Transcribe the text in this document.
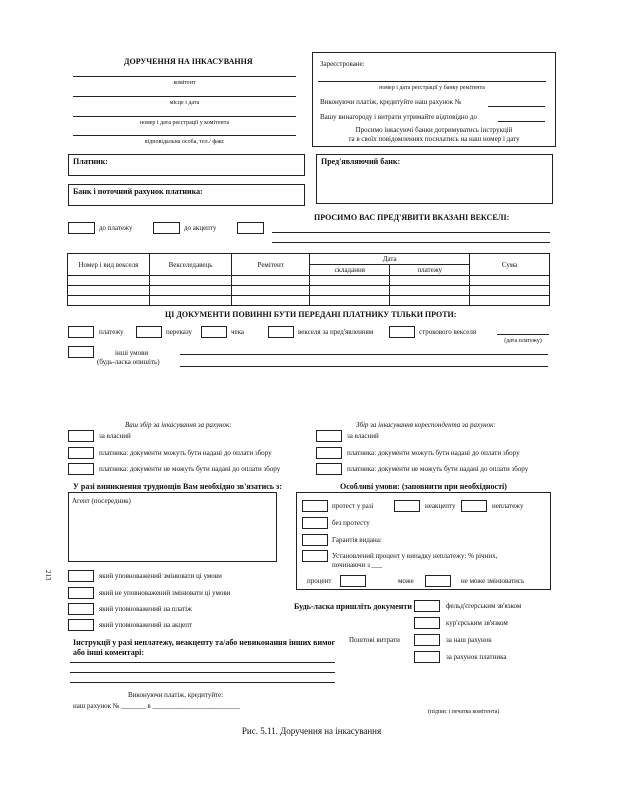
ДОРУЧЕННЯ НА ІНКАСУВАННЯ
комітент
місце і дата
номер і дата реєстрації у комітента
відповідальна особа, тел./ факс
Зареєстроване:
номер і дата реєстрації у банку ремітента
Виконуючи платіж, кредитуйте наш рахунок №
Вашу винагороду і витрати утримайте відповідно до
Просимо інкасуючі банки дотримуватись інструкцій
та в своїх повідомленнях посилатись на наш номер і дату
Платник:
Банк і поточний рахунок платника:
Пред'являючий банк:
до платежу	до акцепту
ПРОСИМО ВАС ПРЕД'ЯВИТИ ВКАЗАНІ ВЕКСЕЛІ:
Номер і вид векселя	Векселедавець	Ремітент	Дата		Сума
			складання	платежу	

ЦІ ДОКУМЕНТИ ПОВИННІ БУТИ ПЕРЕДАНІ ПЛАТНИКУ ТІЛЬКИ ПРОТИ:
платежу	переказу	чека	векселя за пред'явленням	строкового векселя
(дата платежу)
інші умови
(будь-ласка опишіть)
Ваш збір за інкасування за рахунок:	Збір за інкасування кореспондента за рахунок:
за власний
платника: документи можуть бути надані до оплати збору
платника: документи не можуть бути надані до оплати збору
за власний
платника: документи можуть бути надані до оплати збору
платника: документи не можуть бути надані до оплати збору
У разі виникнення труднощів Вам необхідно зв'язатись з:
Агент (посередник)
213	який уповноважений змінювати ці умови
який не уповноважений змінювати ці умови
який уповноважений на платіж
який уповноважений на акцепт
Особливі умови: (заповнити при необхідності)
протест у разі	неакцепту	неплатежу
без протесту
Гарантія видана:
Установлений процент у випадку неплатежу: % річних,
починаючи з ___
процент	може	не може змінюватись
Будь-ласка пришліть документи	фельд'єгерським зв'язком
кур'єрським зв'язком
Поштові витрати	за наш рахунок
за рахунок платника
Інструкції у разі неплатежу, неакцепту та/або невиконання інших вимог
або інші коментарі:
Виконуючи платіж, кредитуйте:
наш рахунок № _______ в _________________________
(підпис і печатка комітента)
Рис. 5.11. Доручення на інкасування
